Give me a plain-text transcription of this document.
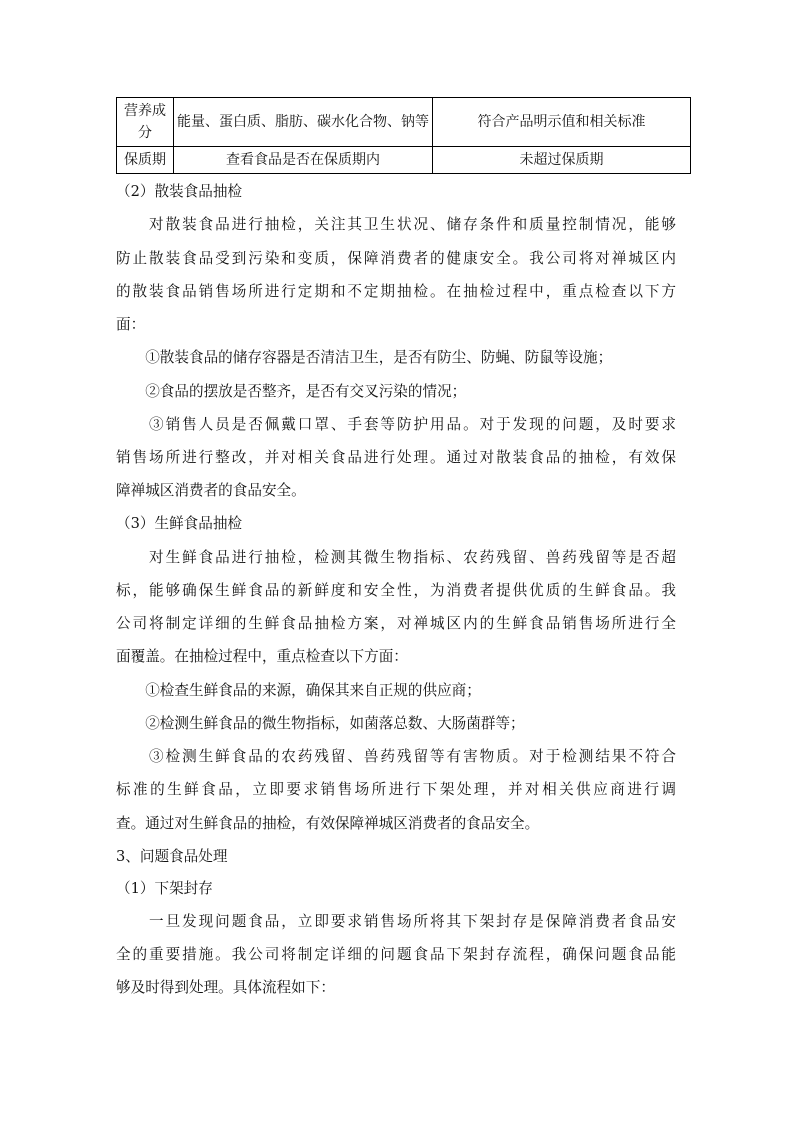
营养成分	能量、蛋白质、脂肪、碳水化合物、钠等	符合产品明示值和相关标准
保质期	查看食品是否在保质期内	未超过保质期
（2）散装食品抽检
　　对散装食品进行抽检，关注其卫生状况、储存条件和质量控制情况，能够
防止散装食品受到污染和变质，保障消费者的健康安全。我公司将对禅城区内
的散装食品销售场所进行定期和不定期抽检。在抽检过程中，重点检查以下方
面：
　　①散装食品的储存容器是否清洁卫生，是否有防尘、防蝇、防鼠等设施；
　　②食品的摆放是否整齐，是否有交叉污染的情况；
　　③销售人员是否佩戴口罩、手套等防护用品。对于发现的问题，及时要求
销售场所进行整改，并对相关食品进行处理。通过对散装食品的抽检，有效保
障禅城区消费者的食品安全。
（3）生鲜食品抽检
　　对生鲜食品进行抽检，检测其微生物指标、农药残留、兽药残留等是否超
标，能够确保生鲜食品的新鲜度和安全性，为消费者提供优质的生鲜食品。我
公司将制定详细的生鲜食品抽检方案，对禅城区内的生鲜食品销售场所进行全
面覆盖。在抽检过程中，重点检查以下方面：
　　①检查生鲜食品的来源，确保其来自正规的供应商；
　　②检测生鲜食品的微生物指标，如菌落总数、大肠菌群等；
　　③检测生鲜食品的农药残留、兽药残留等有害物质。对于检测结果不符合
标准的生鲜食品，立即要求销售场所进行下架处理，并对相关供应商进行调
查。通过对生鲜食品的抽检，有效保障禅城区消费者的食品安全。
3、问题食品处理
（1）下架封存
　　一旦发现问题食品，立即要求销售场所将其下架封存是保障消费者食品安
全的重要措施。我公司将制定详细的问题食品下架封存流程，确保问题食品能
够及时得到处理。具体流程如下：
